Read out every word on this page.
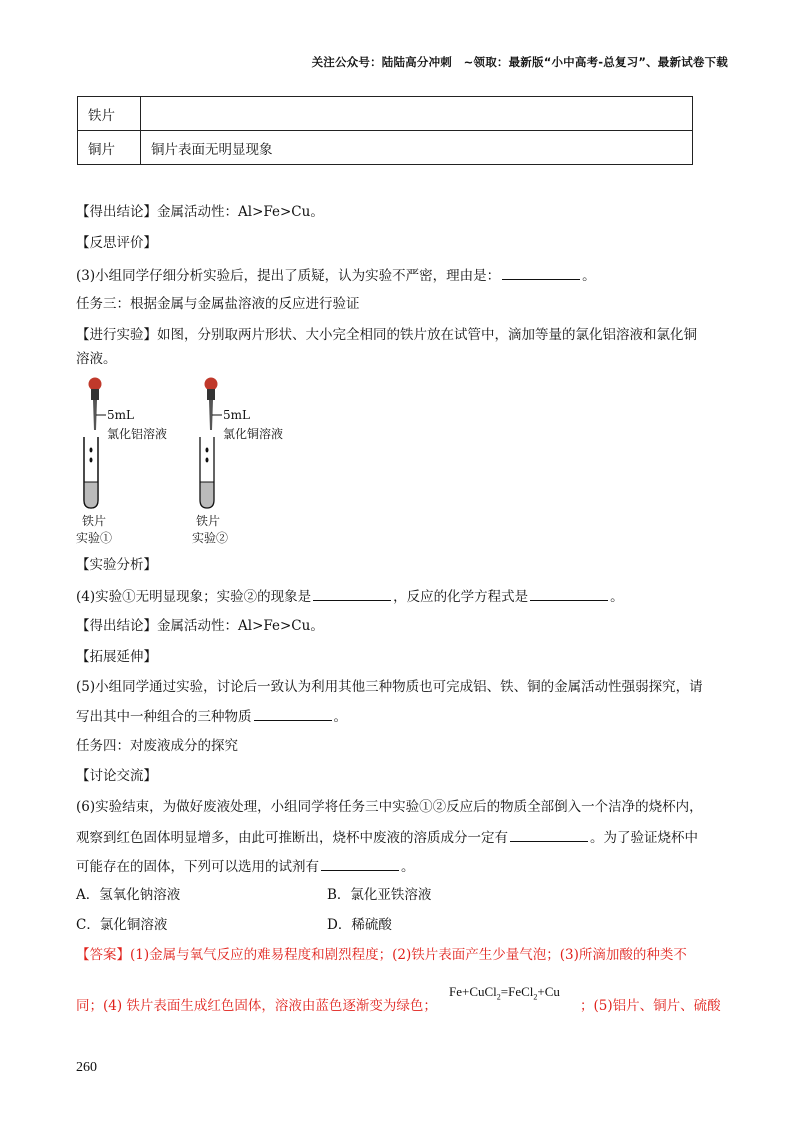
关注公众号：陆陆高分冲刺　~领取：最新版“小中高考-总复习”、最新试卷下载
铁片	
铜片	铜片表面无明显现象
【得出结论】金属活动性：Al>Fe>Cu。
【反思评价】
(3)小组同学仔细分析实验后，提出了质疑，认为实验不严密，理由是：	。
任务三：根据金属与金属盐溶液的反应进行验证
【进行实验】如图，分别取两片形状、大小完全相同的铁片放在试管中，滴加等量的氯化铝溶液和氯化铜
溶液。
5mL
氯化铝溶液
铁片
实验①
5mL
氯化铜溶液
铁片
实验②
【实验分析】
(4)实验①无明显现象；实验②的现象是	，反应的化学方程式是	。
【得出结论】金属活动性：Al>Fe>Cu。
【拓展延伸】
(5)小组同学通过实验，讨论后一致认为利用其他三种物质也可完成铝、铁、铜的金属活动性强弱探究，请
写出其中一种组合的三种物质	。
任务四：对废液成分的探究
【讨论交流】
(6)实验结束，为做好废液处理，小组同学将任务三中实验①②反应后的物质全部倒入一个洁净的烧杯内，
观察到红色固体明显增多，由此可推断出，烧杯中废液的溶质成分一定有	。为了验证烧杯中
可能存在的固体，下列可以选用的试剂有	。
A．氢氧化钠溶液	B．氯化亚铁溶液
C．氯化铜溶液	D．稀硫酸
【答案】(1)金属与氧气反应的难易程度和剧烈程度；(2)铁片表面产生少量气泡；(3)所滴加酸的种类不
同；(4) 铁片表面生成红色固体，溶液由蓝色逐渐变为绿色；
Fe+CuCl$_2$=FeCl$_2$+Cu
；(5)铝片、铜片、硫酸
260
